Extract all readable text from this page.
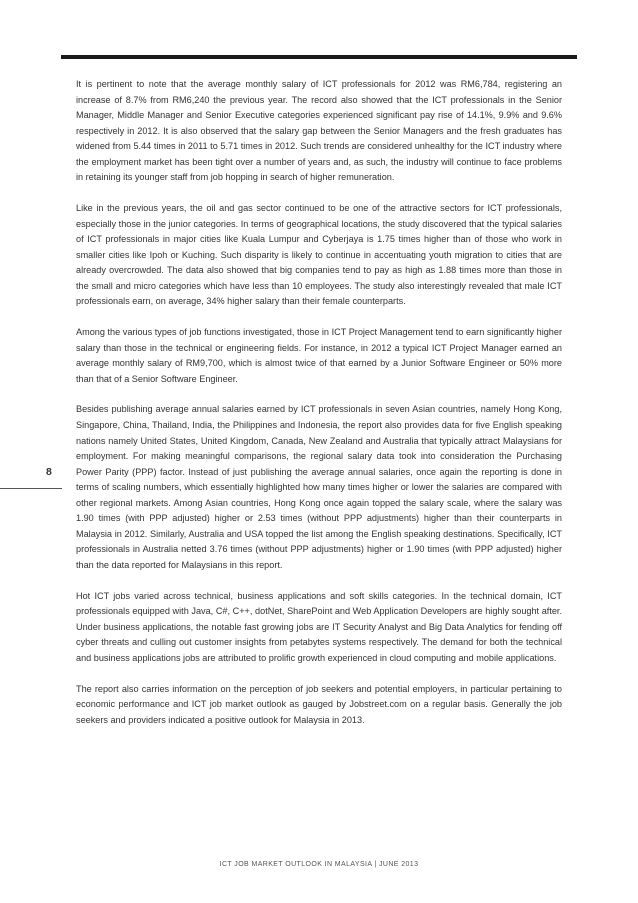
8

It is pertinent to note that the average monthly salary of ICT professionals for 2012 was RM6,784, registering an increase of 8.7% from RM6,240 the previous year. The record also showed that the ICT professionals in the Senior Manager, Middle Manager and Senior Executive categories experienced significant pay rise of 14.1%, 9.9% and 9.6% respectively in 2012. It is also observed that the salary gap between the Senior Managers and the fresh graduates has widened from 5.44 times in 2011 to 5.71 times in 2012. Such trends are considered unhealthy for the ICT industry where the employment market has been tight over a number of years and, as such, the industry will continue to face problems in retaining its younger staff from job hopping in search of higher remuneration.

Like in the previous years, the oil and gas sector continued to be one of the attractive sectors for ICT professionals, especially those in the junior categories. In terms of geographical locations, the study discovered that the typical salaries of ICT professionals in major cities like Kuala Lumpur and Cyberjaya is 1.75 times higher than of those who work in smaller cities like Ipoh or Kuching. Such disparity is likely to continue in accentuating youth migration to cities that are already overcrowded. The data also showed that big companies tend to pay as high as 1.88 times more than those in the small and micro categories which have less than 10 employees. The study also interestingly revealed that male ICT professionals earn, on average, 34% higher salary than their female counterparts.

Among the various types of job functions investigated, those in ICT Project Management tend to earn significantly higher salary than those in the technical or engineering fields. For instance, in 2012 a typical ICT Project Manager earned an average monthly salary of RM9,700, which is almost twice of that earned by a Junior Software Engineer or 50% more than that of a Senior Software Engineer.

Besides publishing average annual salaries earned by ICT professionals in seven Asian countries, namely Hong Kong, Singapore, China, Thailand, India, the Philippines and Indonesia, the report also provides data for five English speaking nations namely United States, United Kingdom, Canada, New Zealand and Australia that typically attract Malaysians for employment. For making meaningful comparisons, the regional salary data took into consideration the Purchasing Power Parity (PPP) factor. Instead of just publishing the average annual salaries, once again the reporting is done in terms of scaling numbers, which essentially highlighted how many times higher or lower the salaries are compared with other regional markets. Among Asian countries, Hong Kong once again topped the salary scale, where the salary was 1.90 times (with PPP adjusted) higher or 2.53 times (without PPP adjustments) higher than their counterparts in Malaysia in 2012. Similarly, Australia and USA topped the list among the English speaking destinations. Specifically, ICT professionals in Australia netted 3.76 times (without PPP adjustments) higher or 1.90 times (with PPP adjusted) higher than the data reported for Malaysians in this report.

Hot ICT jobs varied across technical, business applications and soft skills categories. In the technical domain, ICT professionals equipped with Java, C#, C++, dotNet, SharePoint and Web Application Developers are highly sought after. Under business applications, the notable fast growing jobs are IT Security Analyst and Big Data Analytics for fending off cyber threats and culling out customer insights from petabytes systems respectively. The demand for both the technical and business applications jobs are attributed to prolific growth experienced in cloud computing and mobile applications.

The report also carries information on the perception of job seekers and potential employers, in particular pertaining to economic performance and ICT job market outlook as gauged by Jobstreet.com on a regular basis. Generally the job seekers and providers indicated a positive outlook for Malaysia in 2013.

ICT JOB MARKET OUTLOOK IN MALAYSIA | JUNE 2013
